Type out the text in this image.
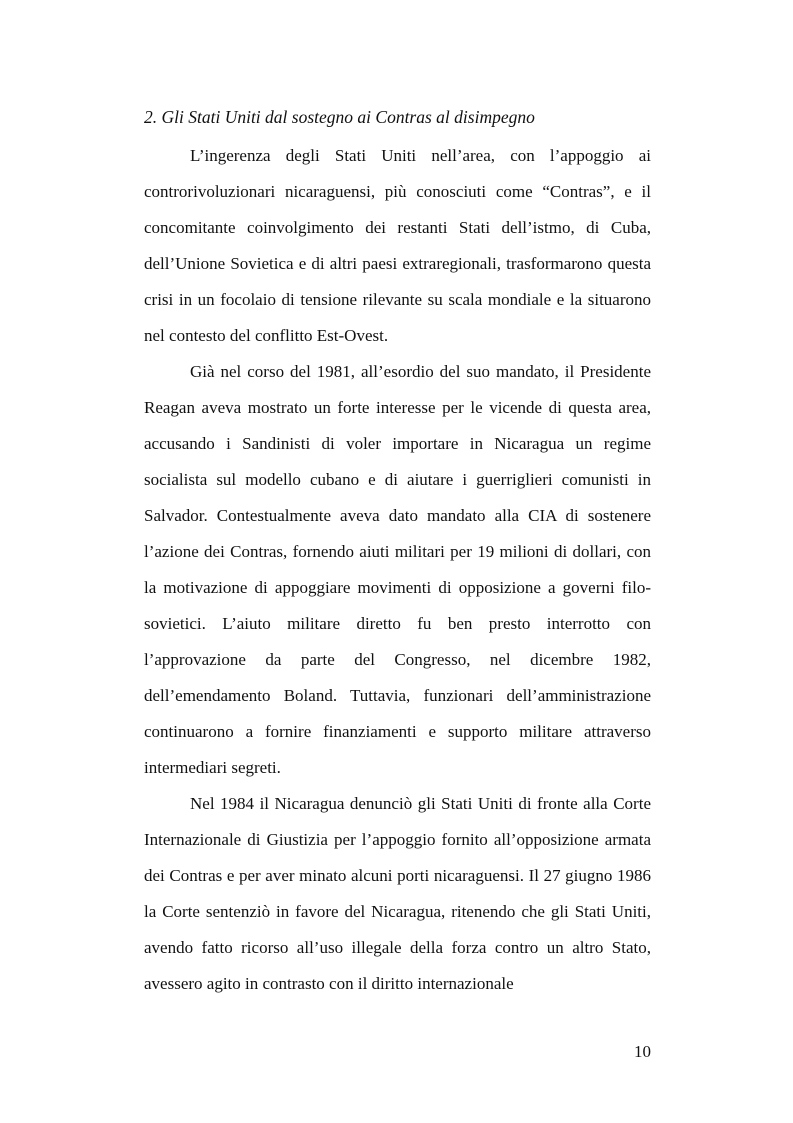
2. Gli Stati Uniti dal sostegno ai Contras al disimpegno

L’ingerenza degli Stati Uniti nell’area, con l’appoggio ai controrivoluzionari nicaraguensi, più conosciuti come “Contras”, e il concomitante coinvolgimento dei restanti Stati dell’istmo, di Cuba, dell’Unione Sovietica e di altri paesi extraregionali, trasformarono questa crisi in un focolaio di tensione rilevante su scala mondiale e la situarono nel contesto del conflitto Est-Ovest.

Già nel corso del 1981, all’esordio del suo mandato, il Presidente Reagan aveva mostrato un forte interesse per le vicende di questa area, accusando i Sandinisti di voler importare in Nicaragua un regime socialista sul modello cubano e di aiutare i guerriglieri comunisti in Salvador. Contestualmente aveva dato mandato alla CIA di sostenere l’azione dei Contras, fornendo aiuti militari per 19 milioni di dollari, con la motivazione di appoggiare movimenti di opposizione a governi filo-sovietici. L’aiuto militare diretto fu ben presto interrotto con l’approvazione da parte del Congresso, nel dicembre 1982, dell’emendamento Boland. Tuttavia, funzionari dell’amministrazione continuarono a fornire finanziamenti e supporto militare attraverso intermediari segreti.

Nel 1984 il Nicaragua denunciò gli Stati Uniti di fronte alla Corte Internazionale di Giustizia per l’appoggio fornito all’opposizione armata dei Contras e per aver minato alcuni porti nicaraguensi. Il 27 giugno 1986 la Corte sentenziò in favore del Nicaragua, ritenendo che gli Stati Uniti, avendo fatto ricorso all’uso illegale della forza contro un altro Stato, avessero agito in contrasto con il diritto internazionale

10
